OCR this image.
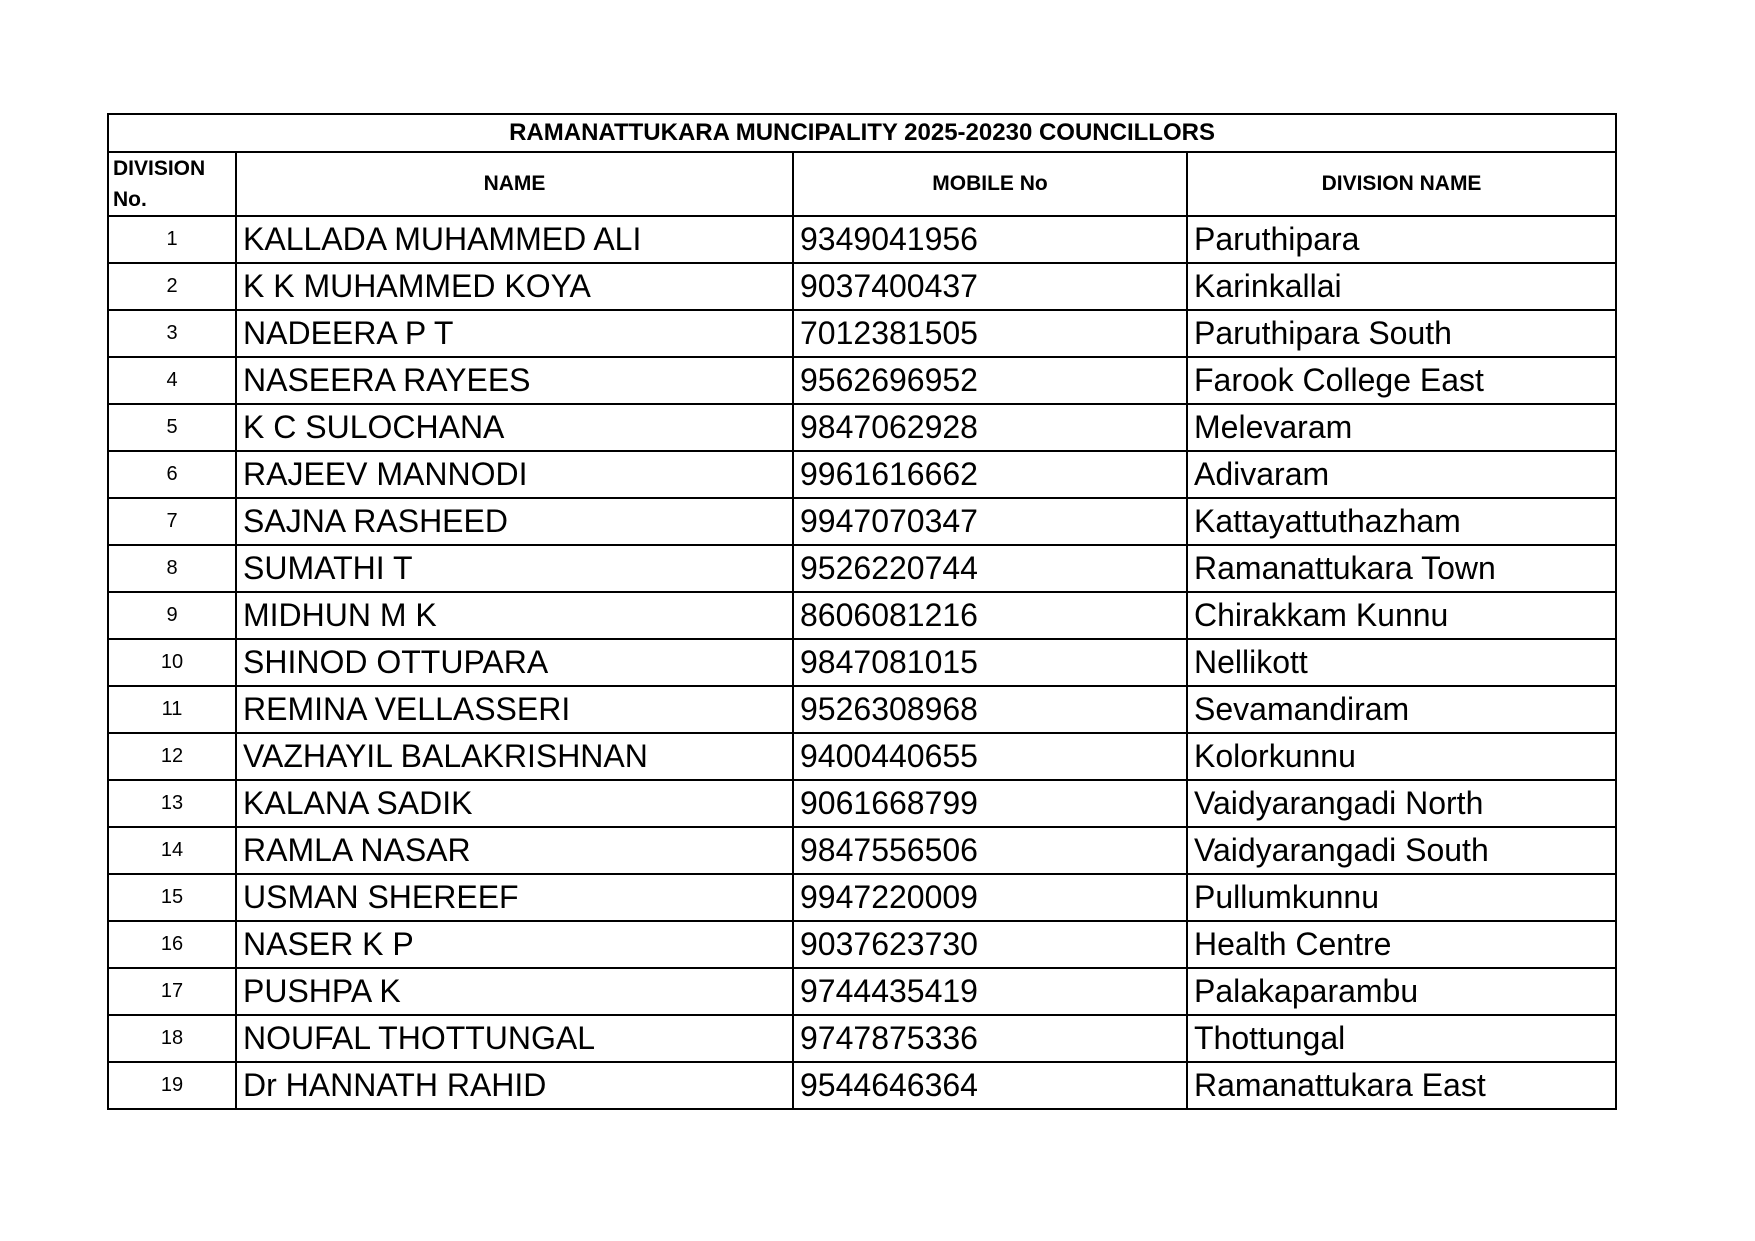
RAMANATTUKARA MUNCIPALITY 2025-20230 COUNCILLORS			
DIVISION No.	NAME	MOBILE No	DIVISION NAME
1	KALLADA MUHAMMED ALI	9349041956	Paruthipara
2	K K MUHAMMED KOYA	9037400437	Karinkallai
3	NADEERA P T	7012381505	Paruthipara South
4	NASEERA RAYEES	9562696952	Farook College East
5	K C SULOCHANA	9847062928	Melevaram
6	RAJEEV MANNODI	9961616662	Adivaram
7	SAJNA RASHEED	9947070347	Kattayattuthazham
8	SUMATHI T	9526220744	Ramanattukara Town
9	MIDHUN M K	8606081216	Chirakkam Kunnu
10	SHINOD OTTUPARA	9847081015	Nellikott
11	REMINA VELLASSERI	9526308968	Sevamandiram
12	VAZHAYIL BALAKRISHNAN	9400440655	Kolorkunnu
13	KALANA SADIK	9061668799	Vaidyarangadi North
14	RAMLA NASAR	9847556506	Vaidyarangadi South
15	USMAN SHEREEF	9947220009	Pullumkunnu
16	NASER K P	9037623730	Health Centre
17	PUSHPA K	9744435419	Palakaparambu
18	NOUFAL THOTTUNGAL	9747875336	Thottungal
19	Dr HANNATH RAHID	9544646364	Ramanattukara East
